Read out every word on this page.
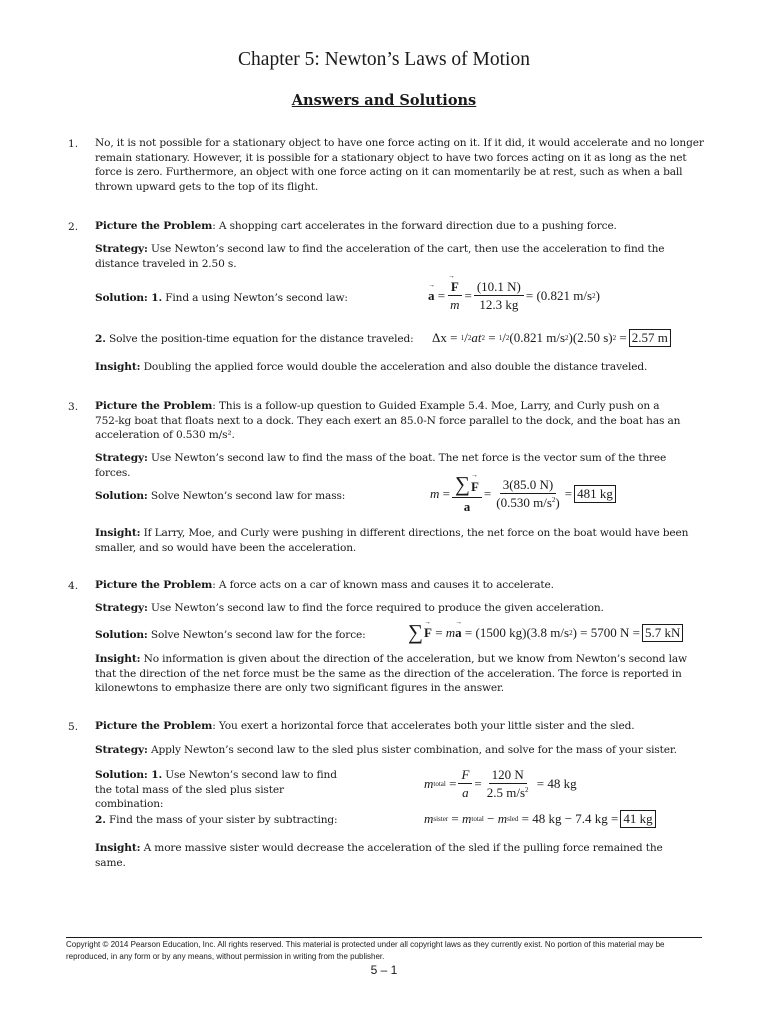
Chapter 5: Newton’s Laws of Motion
Answers and Solutions
1. No, it is not possible for a stationary object to have one force acting on it. If it did, it would accelerate and no longer remain stationary. However, it is possible for a stationary object to have two forces acting on it as long as the net force is zero. Furthermore, an object with one force acting on it can momentarily be at rest, such as when a ball thrown upward gets to the top of its flight.
2. Picture the Problem: A shopping cart accelerates in the forward direction due to a pushing force.
Strategy: Use Newton’s second law to find the acceleration of the cart, then use the acceleration to find the distance traveled in 2.50 s.
Solution: 1. Find a using Newton’s second law:	a → = $\frac{F \to}{m} = \frac{(10.1 N)}{12.3 kg} = (0.821$ m/s 2 )
2. Solve the position-time equation for the distance traveled: Δx =
1 / 2 at 2 = 1 / 2 (0.821 m/s 2 ) (2.50 s) 2 = 2.57 m
Insight: Doubling the applied force would double the acceleration and also double the distance traveled.
3. Picture the Problem: This is a follow-up question to Guided Example 5.4. Moe, Larry, and Curly push on a 752-kg boat that floats next to a dock. They each exert an 85.0-N force parallel to the dock, and the boat has an acceleration of 0.530 m/s².
Strategy: Use Newton’s second law to find the mass of the boat. The net force is the vector sum of the three forces.
Solution: Solve Newton’s second law for mass:	$m = \frac{\sum F \to}{a}$ → = $\frac{3(85.0 N)}{(0.530 m/s^2)} = 481$ kg
Insight: If Larry, Moe, and Curly were pushing in different directions, the net force on the boat would have been smaller, and so would have been the acceleration.
4. Picture the Problem: A force acts on a car of known mass and causes it to accelerate.
Strategy: Use Newton’s second law to find the force required to produce the given acceleration.
Solution: Solve Newton’s second law for the force:	∑ F → = m a → = (1500 kg) (3.8 m/s 2 ) = 5700 N = 5.7 kN
Insight: No information is given about the direction of the acceleration, but we know from Newton’s second law that the direction of the net force must be the same as the direction of the acceleration. The force is reported in kilonewtons to emphasize there are only two significant figures in the answer.
5. Picture the Problem: You exert a horizontal force that accelerates both your little sister and the sled.
Strategy: Apply Newton’s second law to the sled plus sister combination, and solve for the mass of your sister.
Solution: 1. Use Newton’s second law to find the total mass of the sled plus sister combination:
m total = $\frac{F}{a} = \frac{120 N}{2.5 m/s^2}$
= 48 kg
2. Find the mass of your sister by subtracting:	m sister = m total − m sled
= 48 kg − 7.4 kg = 41 kg
Insight: A more massive sister would decrease the acceleration of the sled if the pulling force remained the same.
Copyright © 2014 Pearson Education, Inc. All rights reserved. This material is protected under all copyright laws as they currently exist. No portion of this material may be reproduced, in any form or by any means, without permission in writing from the publisher.
5 – 1
